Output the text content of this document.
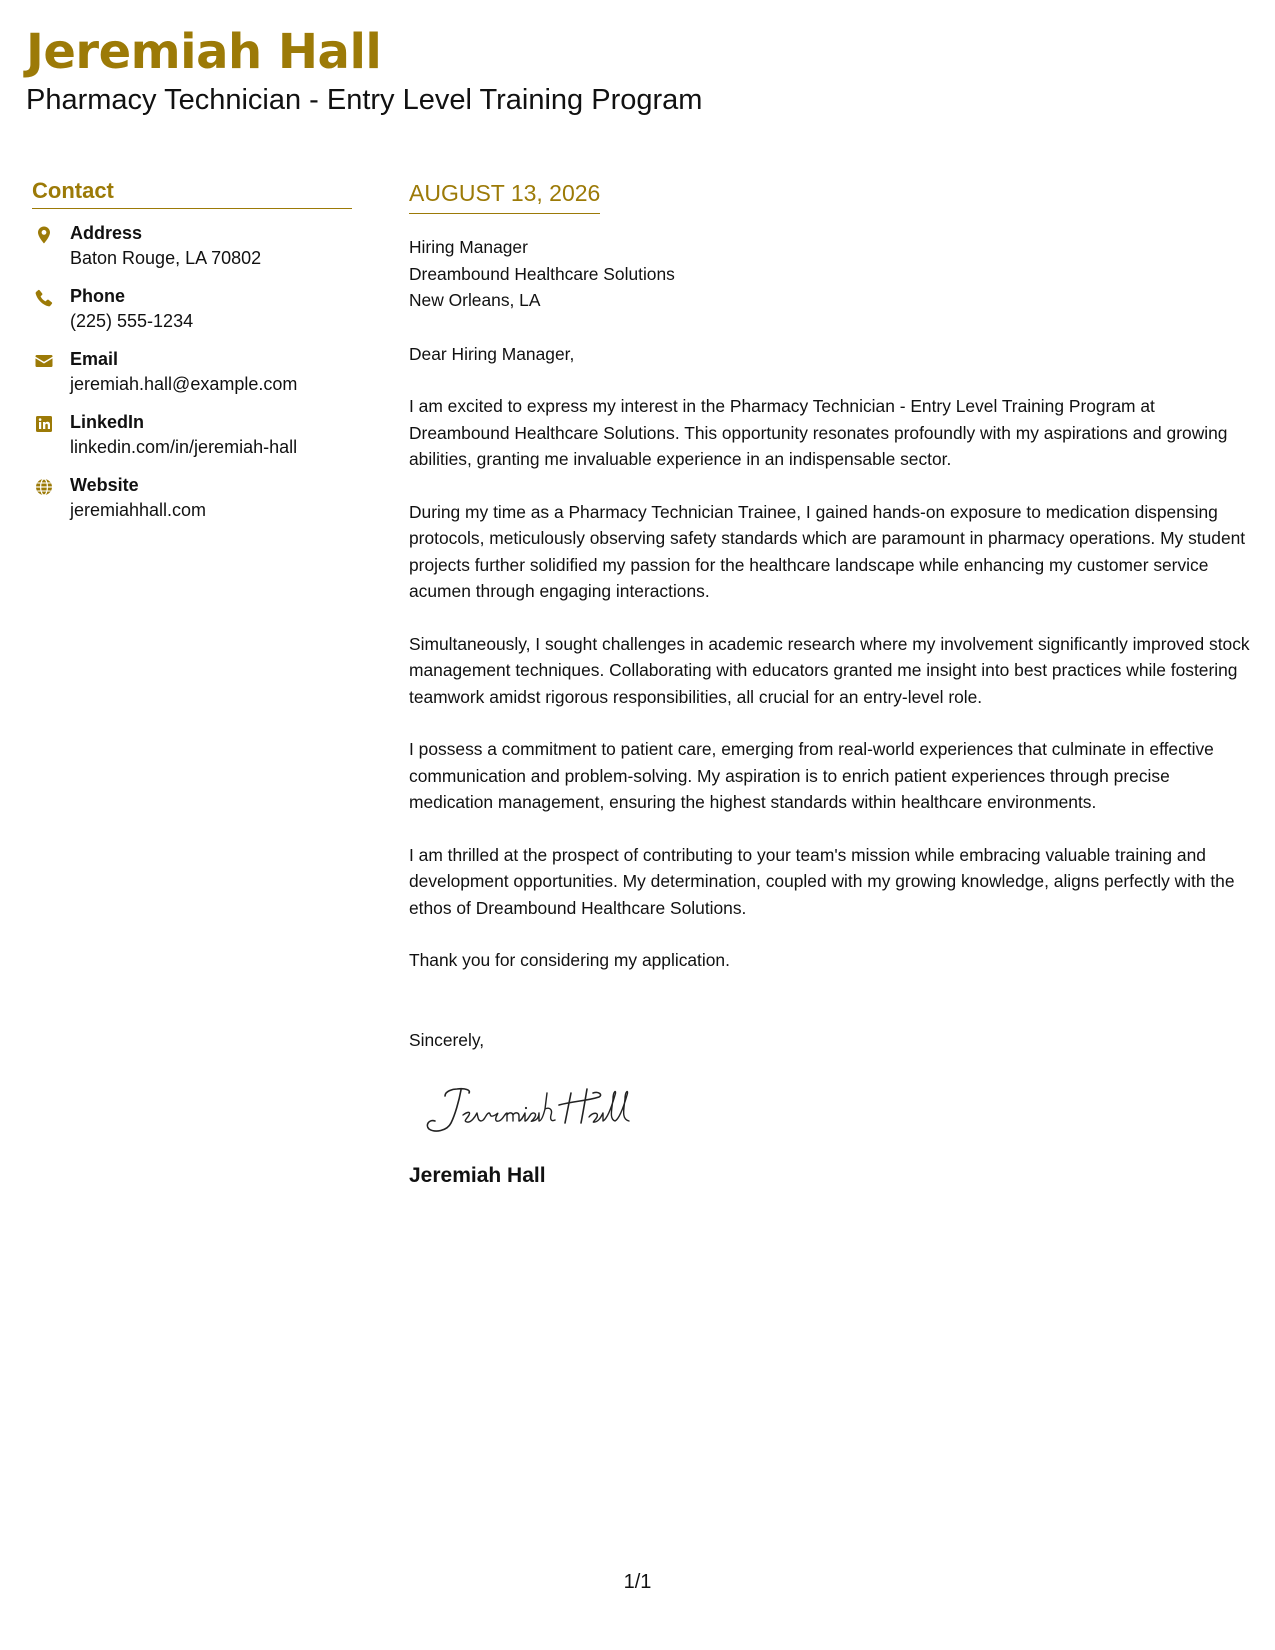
Jeremiah Hall
Pharmacy Technician - Entry Level Training Program
Contact
Address
Baton Rouge, LA 70802
Phone
(225) 555-1234
Email
jeremiah.hall@example.com
LinkedIn
linkedin.com/in/jeremiah-hall
Website
jeremiahhall.com
AUGUST 13, 2026
Hiring Manager
Dreambound Healthcare Solutions
New Orleans, LA
Dear Hiring Manager,

I am excited to express my interest in the Pharmacy Technician - Entry Level Training Program at Dreambound Healthcare Solutions. This opportunity resonates profoundly with my aspirations and growing abilities, granting me invaluable experience in an indispensable sector.

During my time as a Pharmacy Technician Trainee, I gained hands-on exposure to medication dispensing protocols, meticulously observing safety standards which are paramount in pharmacy operations. My student projects further solidified my passion for the healthcare landscape while enhancing my customer service acumen through engaging interactions.

Simultaneously, I sought challenges in academic research where my involvement significantly improved stock management techniques. Collaborating with educators granted me insight into best practices while fostering teamwork amidst rigorous responsibilities, all crucial for an entry-level role.

I possess a commitment to patient care, emerging from real-world experiences that culminate in effective communication and problem-solving. My aspiration is to enrich patient experiences through precise medication management, ensuring the highest standards within healthcare environments.

I am thrilled at the prospect of contributing to your team's mission while embracing valuable training and development opportunities. My determination, coupled with my growing knowledge, aligns perfectly with the ethos of Dreambound Healthcare Solutions.

Thank you for considering my application.

Sincerely,
Jeremiah Hall
1/1
